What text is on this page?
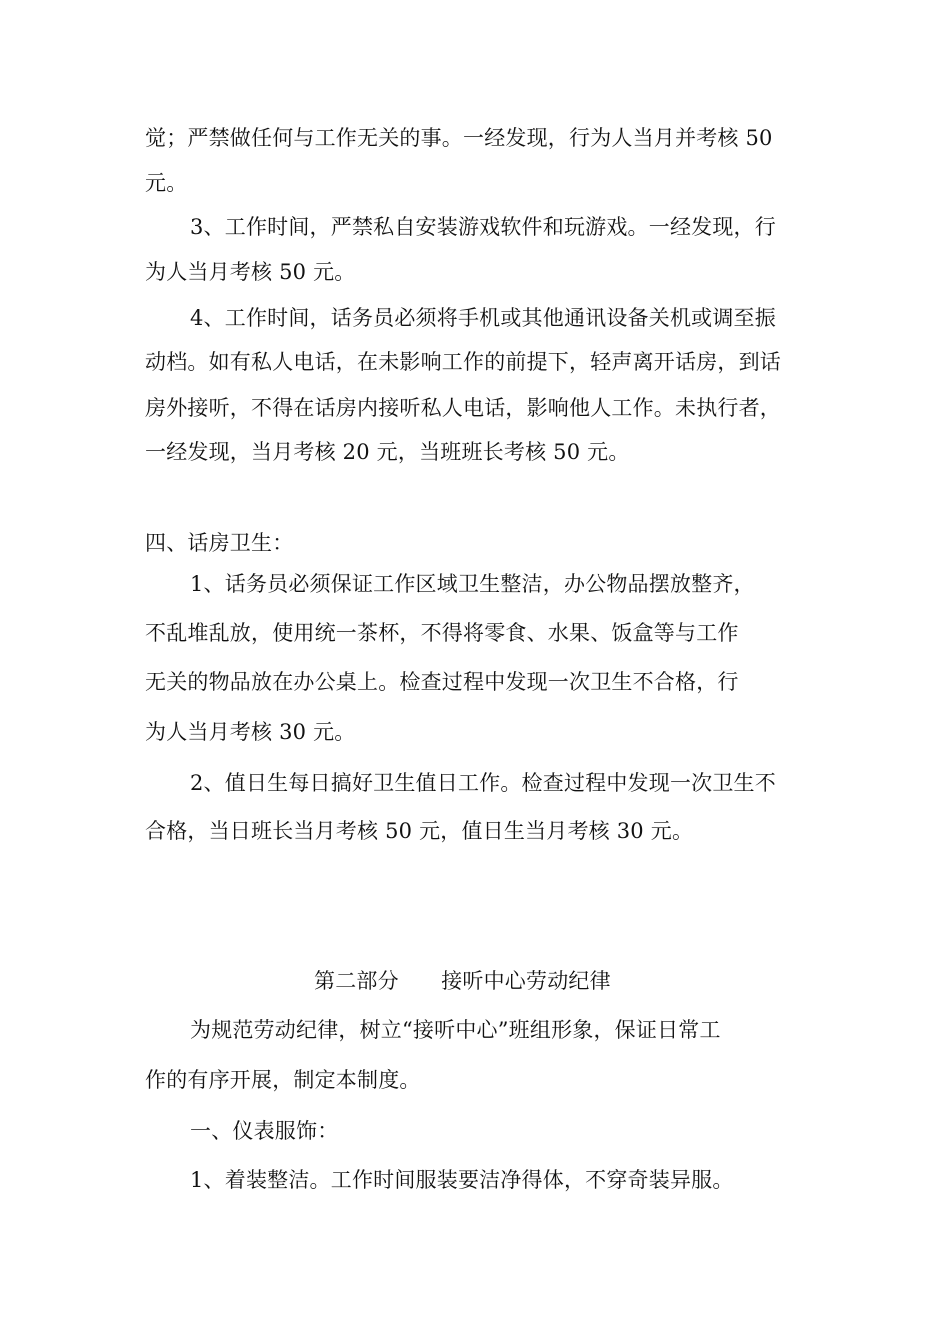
觉；严禁做任何与工作无关的事。一经发现，行为人当月并考核 50
元。
3、工作时间，严禁私自安装游戏软件和玩游戏。一经发现，行
为人当月考核 50 元。
4、工作时间，话务员必须将手机或其他通讯设备关机或调至振
动档。如有私人电话，在未影响工作的前提下，轻声离开话房，到话
房外接听，不得在话房内接听私人电话，影响他人工作。未执行者，
一经发现，当月考核 20 元，当班班长考核 50 元。
四、话房卫生：
1、话务员必须保证工作区域卫生整洁，办公物品摆放整齐，
不乱堆乱放，使用统一茶杯，不得将零食、水果、饭盒等与工作
无关的物品放在办公桌上。检查过程中发现一次卫生不合格，行
为人当月考核 30 元。
2、值日生每日搞好卫生值日工作。检查过程中发现一次卫生不
合格，当日班长当月考核 50 元，值日生当月考核 30 元。
第二部分　　接听中心劳动纪律
为规范劳动纪律，树立“接听中心”班组形象，保证日常工
作的有序开展，制定本制度。
一、仪表服饰：
1、着装整洁。工作时间服装要洁净得体，不穿奇装异服。
